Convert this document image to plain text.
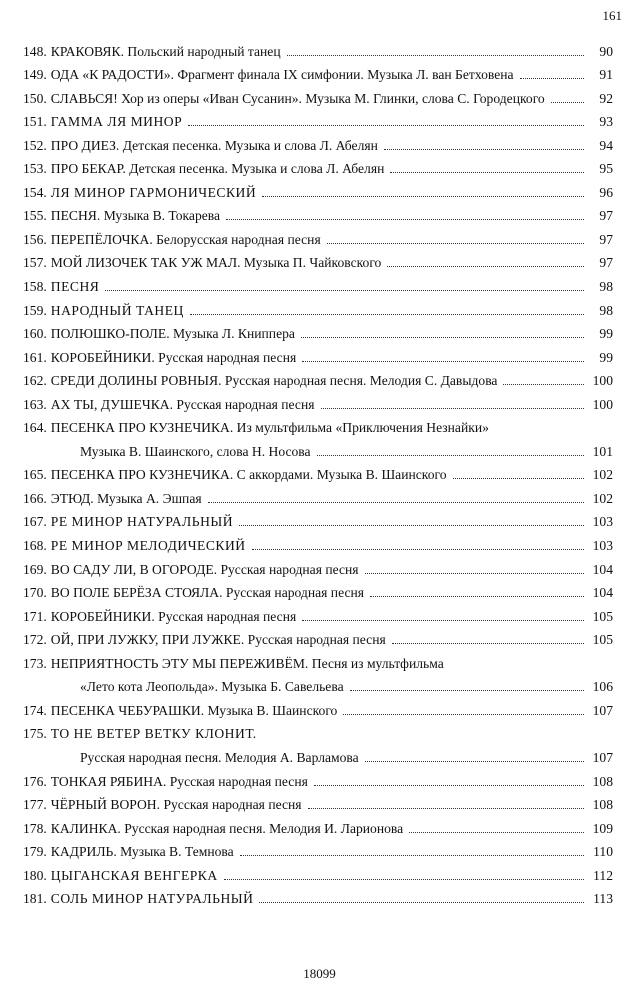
161
148. КРАКОВЯК. Польский народный танец	90
149. ОДА «К РАДОСТИ». Фрагмент финала IX симфонии. Музыка Л. ван Бетховена	91
150. СЛАВЬСЯ! Хор из оперы «Иван Сусанин». Музыка М. Глинки, слова С. Городецкого	92
151. ГАММА ЛЯ МИНОР	93
152. ПРО ДИЕЗ. Детская песенка. Музыка и слова Л. Абелян	94
153. ПРО БЕКАР. Детская песенка. Музыка и слова Л. Абелян	95
154. ЛЯ МИНОР ГАРМОНИЧЕСКИЙ	96
155. ПЕСНЯ. Музыка В. Токарева	97
156. ПЕРЕПЁЛОЧКА. Белорусская народная песня	97
157. МОЙ ЛИЗОЧЕК ТАК УЖ МАЛ. Музыка П. Чайковского	97
158. ПЕСНЯ	98
159. НАРОДНЫЙ ТАНЕЦ	98
160. ПОЛЮШКО-ПОЛЕ. Музыка Л. Книппера	99
161. КОРОБЕЙНИКИ. Русская народная песня	99
162. СРЕДИ ДОЛИНЫ РОВНЫЯ. Русская народная песня. Мелодия С. Давыдова	100
163. АХ ТЫ, ДУШЕЧКА. Русская народная песня	100
164. ПЕСЕНКА ПРО КУЗНЕЧИКА. Из мультфильма «Приключения Незнайки»
Музыка В. Шаинского, слова Н. Носова	101
165. ПЕСЕНКА ПРО КУЗНЕЧИКА. С аккордами. Музыка В. Шаинского	102
166. ЭТЮД. Музыка А. Эшпая	102
167. РЕ МИНОР НАТУРАЛЬНЫЙ	103
168. РЕ МИНОР МЕЛОДИЧЕСКИЙ	103
169. ВО САДУ ЛИ, В ОГОРОДЕ. Русская народная песня	104
170. ВО ПОЛЕ БЕРЁЗА СТОЯЛА. Русская народная песня	104
171. КОРОБЕЙНИКИ. Русская народная песня	105
172. ОЙ, ПРИ ЛУЖКУ, ПРИ ЛУЖКЕ. Русская народная песня	105
173. НЕПРИЯТНОСТЬ ЭТУ МЫ ПЕРЕЖИВЁМ. Песня из мультфильма
«Лето кота Леопольда». Музыка Б. Савельева	106
174. ПЕСЕНКА ЧЕБУРАШКИ. Музыка В. Шаинского	107
175. ТО НЕ ВЕТЕР ВЕТКУ КЛОНИТ.
Русская народная песня. Мелодия А. Варламова	107
176. ТОНКАЯ РЯБИНА. Русская народная песня	108
177. ЧЁРНЫЙ ВОРОН. Русская народная песня	108
178. КАЛИНКА. Русская народная песня. Мелодия И. Ларионова	109
179. КАДРИЛЬ. Музыка В. Темнова	110
180. ЦЫГАНСКАЯ ВЕНГЕРКА	112
181. СОЛЬ МИНОР НАТУРАЛЬНЫЙ	113
18099
